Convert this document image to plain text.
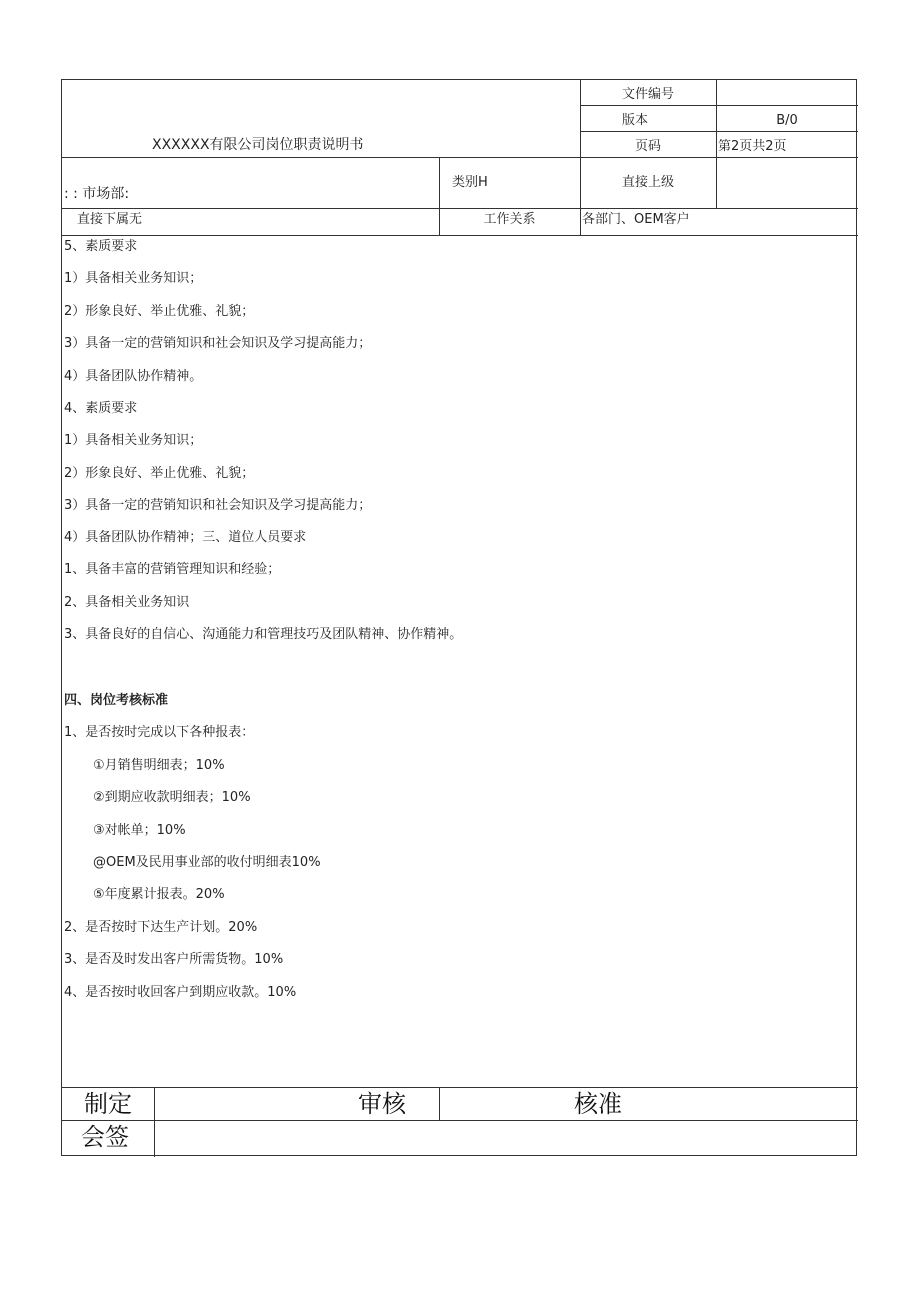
XXXXXX有限公司岗位职责说明书
文件编号
版本	B/0
页码	第2页共2页
: : 市场部:
类别H	直接上级
直接下属无	工作关系	各部门、OEM客户
5、素质要求
1）具备相关业务知识；
2）形象良好、举止优雅、礼貌；
3）具备一定的营销知识和社会知识及学习提高能力；
4）具备团队协作精神。
4、素质要求
1）具备相关业务知识；
2）形象良好、举止优雅、礼貌；
3）具备一定的营销知识和社会知识及学习提高能力；
4）具备团队协作精神；三、道位人员要求
1、具备丰富的营销管理知识和经验；
2、具备相关业务知识
3、具备良好的自信心、沟通能力和管理技巧及团队精神、协作精神。
四、岗位考核标准
1、是否按时完成以下各种报表：
①月销售明细表；10%
②到期应收款明细表；10%
③对帐单；10%
@OEM及民用事业部的收付明细表10%
⑤年度累计报表。20%
2、是否按时下达生产计划。20%
3、是否及时发出客户所需货物。10%
4、是否按时收回客户到期应收款。10%
制定	审核	核准
会签
